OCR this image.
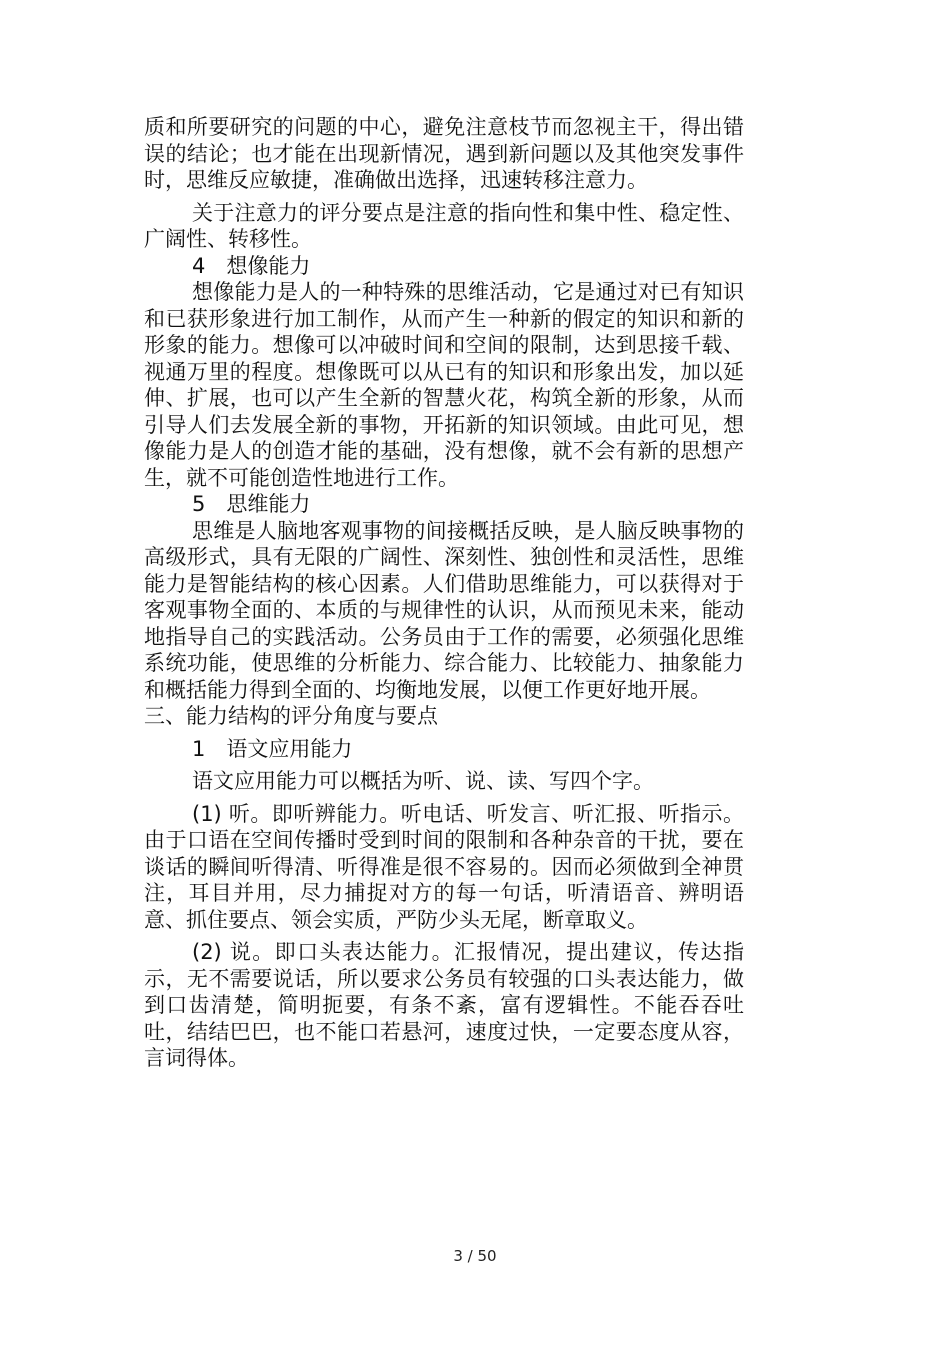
质和所要研究的问题的中心，避免注意枝节而忽视主干，得出错误的结论；也才能在出现新情况，遇到新问题以及其他突发事件时，思维反应敏捷，准确做出选择，迅速转移注意力。

关于注意力的评分要点是注意的指向性和集中性、稳定性、广阔性、转移性。

4　想像能力

想像能力是人的一种特殊的思维活动，它是通过对已有知识和已获形象进行加工制作，从而产生一种新的假定的知识和新的形象的能力。想像可以冲破时间和空间的限制，达到思接千载、视通万里的程度。想像既可以从已有的知识和形象出发，加以延伸、扩展，也可以产生全新的智慧火花，构筑全新的形象，从而引导人们去发展全新的事物，开拓新的知识领域。由此可见，想像能力是人的创造才能的基础，没有想像，就不会有新的思想产生，就不可能创造性地进行工作。

5　思维能力

思维是人脑地客观事物的间接概括反映，是人脑反映事物的高级形式，具有无限的广阔性、深刻性、独创性和灵活性，思维能力是智能结构的核心因素。人们借助思维能力，可以获得对于客观事物全面的、本质的与规律性的认识，从而预见未来，能动地指导自己的实践活动。公务员由于工作的需要，必须强化思维系统功能，使思维的分析能力、综合能力、比较能力、抽象能力和概括能力得到全面的、均衡地发展，以便工作更好地开展。

三、能力结构的评分角度与要点

1　语文应用能力

语文应用能力可以概括为听、说、读、写四个字。

(1) 听。即听辨能力。听电话、听发言、听汇报、听指示。由于口语在空间传播时受到时间的限制和各种杂音的干扰，要在谈话的瞬间听得清、听得准是很不容易的。因而必须做到全神贯注，耳目并用，尽力捕捉对方的每一句话，听清语音、辨明语意、抓住要点、领会实质，严防少头无尾，断章取义。

(2) 说。即口头表达能力。汇报情况，提出建议，传达指示，无不需要说话，所以要求公务员有较强的口头表达能力，做到口齿清楚，简明扼要，有条不紊，富有逻辑性。不能吞吞吐吐，结结巴巴，也不能口若悬河，速度过快，一定要态度从容，言词得体。

3 / 50
